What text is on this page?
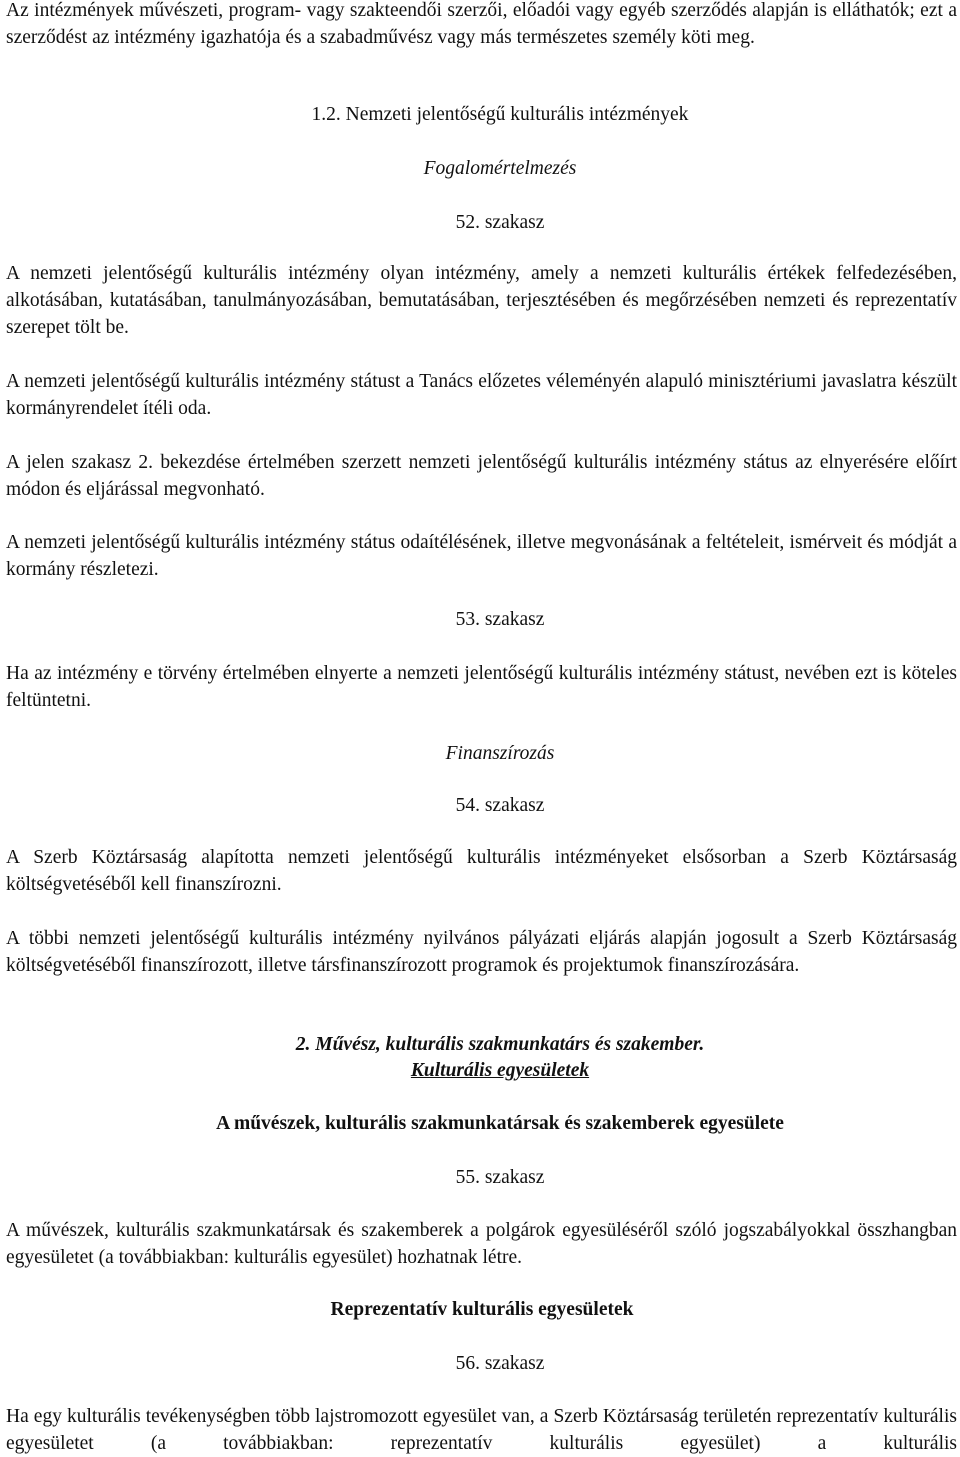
Az intézmények művészeti, program- vagy szakteendői szerzői, előadói vagy egyéb szerződés alapján is elláthatók; ezt a szerződést az intézmény igazhatója és a szabadművész vagy más természetes személy köti meg.

1.2. Nemzeti jelentőségű kulturális intézmények

Fogalomértelmezés

52. szakasz

A nemzeti jelentőségű kulturális intézmény olyan intézmény, amely a nemzeti kulturális értékek felfedezésében, alkotásában, kutatásában, tanulmányozásában, bemutatásában, terjesztésében és megőrzésében nemzeti és reprezentatív szerepet tölt be.

A nemzeti jelentőségű kulturális intézmény státust a Tanács előzetes véleményén alapuló minisztériumi javaslatra készült kormányrendelet ítéli oda.

A jelen szakasz 2. bekezdése értelmében szerzett nemzeti jelentőségű kulturális intézmény státus az elnyerésére előírt módon és eljárással megvonható.

A nemzeti jelentőségű kulturális intézmény státus odaítélésének, illetve megvonásának a feltételeit, ismérveit és módját a kormány részletezi.

53. szakasz

Ha az intézmény e törvény értelmében elnyerte a nemzeti jelentőségű kulturális intézmény státust, nevében ezt is köteles feltüntetni.

Finanszírozás

54. szakasz

A Szerb Köztársaság alapította nemzeti jelentőségű kulturális intézményeket elsősorban a Szerb Köztársaság költségvetéséből kell finanszírozni.

A többi nemzeti jelentőségű kulturális intézmény nyilvános pályázati eljárás alapján jogosult a Szerb Köztársaság költségvetéséből finanszírozott, illetve társfinanszírozott programok és projektumok finanszírozására.

2. Művész, kulturális szakmunkatárs és szakember.

Kulturális egyesületek

A művészek, kulturális szakmunkatársak és szakemberek egyesülete

55. szakasz

A művészek, kulturális szakmunkatársak és szakemberek a polgárok egyesüléséről szóló jogszabályokkal összhangban egyesületet (a továbbiakban: kulturális egyesület) hozhatnak létre.

Reprezentatív kulturális egyesületek

56. szakasz

Ha egy kulturális tevékenységben több lajstromozott egyesület van, a Szerb Köztársaság területén reprezentatív kulturális egyesületet (a továbbiakban: reprezentatív kulturális egyesület) a kulturális
